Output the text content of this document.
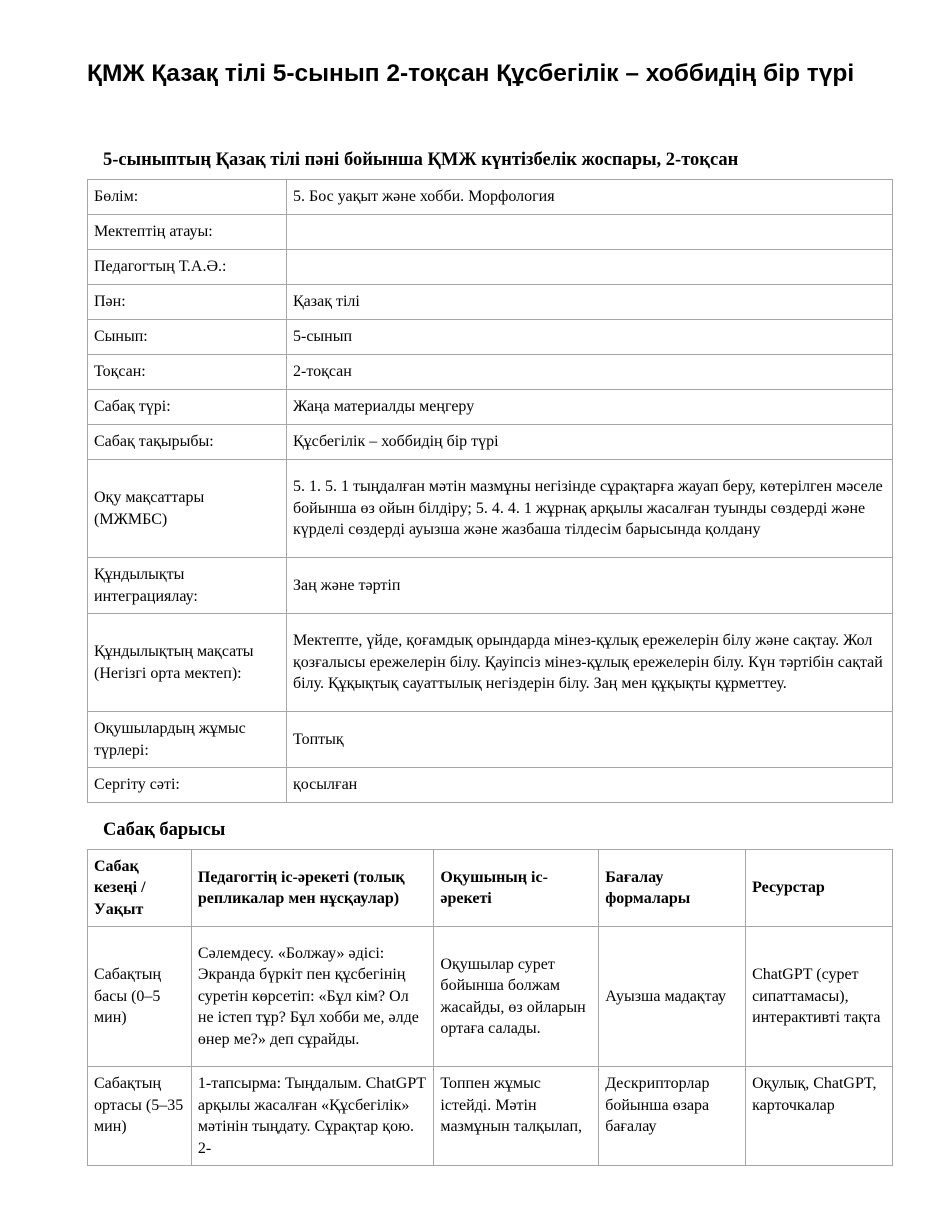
ҚМЖ Қазақ тілі 5-сынып 2-тоқсан Құсбегілік – хоббидің бір түрі
5-сыныптың Қазақ тілі пәні бойынша ҚМЖ күнтізбелік жоспары, 2-тоқсан
Бөлім:	5. Бос уақыт және хобби. Морфология
Мектептің атауы:	
Педагогтың Т.А.Ә.:	
Пән:	Қазақ тілі
Сынып:	5-сынып
Тоқсан:	2-тоқсан
Сабақ түрі:	Жаңа материалды меңгеру
Сабақ тақырыбы:	Құсбегілік – хоббидің бір түрі
Оқу мақсаттары (МЖМБС)	5. 1. 5. 1 тыңдалған мәтін мазмұны негізінде сұрақтарға жауап беру, көтерілген мәселе бойынша өз ойын білдіру; 5. 4. 4. 1 жұрнақ арқылы жасалған туынды сөздерді және күрделі сөздерді ауызша және жазбаша тілдесім барысында қолдану
Құндылықты интеграциялау:	Заң және тәртіп
Құндылықтың мақсаты (Негізгі орта мектеп):	Мектепте, үйде, қоғамдық орындарда мінез-құлық ережелерін білу және сақтау. Жол қозғалысы ережелерін білу. Қауіпсіз мінез-құлық ережелерін білу. Күн тәртібін сақтай білу. Құқықтық сауаттылық негіздерін білу. Заң мен құқықты құрметтеу.
Оқушылардың жұмыс түрлері:	Топтық
Сергіту сәті:	қосылған
Сабақ барысы
Сабақ кезеңі / Уақыт	Педагогтің іс-әрекеті (толық репликалар мен нұсқаулар)	Оқушының іс-әрекеті	Бағалау формалары	Ресурстар
Сабақтың басы (0–5 мин)	Сәлемдесу. «Болжау» әдісі: Экранда бүркіт пен құсбегінің суретін көрсетіп: «Бұл кім? Ол не істеп тұр? Бұл хобби ме, әлде өнер ме?» деп сұрайды.	Оқушылар сурет бойынша болжам жасайды, өз ойларын ортаға салады.	Ауызша мадақтау	ChatGPT (сурет сипаттамасы), интерактивті тақта

Сабақтың ортасы (5–35 мин)	1-тапсырма: Тыңдалым. ChatGPT арқылы жасалған «Құсбегілік» мәтінін тыңдату. Сұрақтар қою. 2-	Топпен жұмыс істейді. Мәтін мазмұнын талқылап,	Дескрипторлар бойынша өзара бағалау	Оқулық, ChatGPT, карточкалар
